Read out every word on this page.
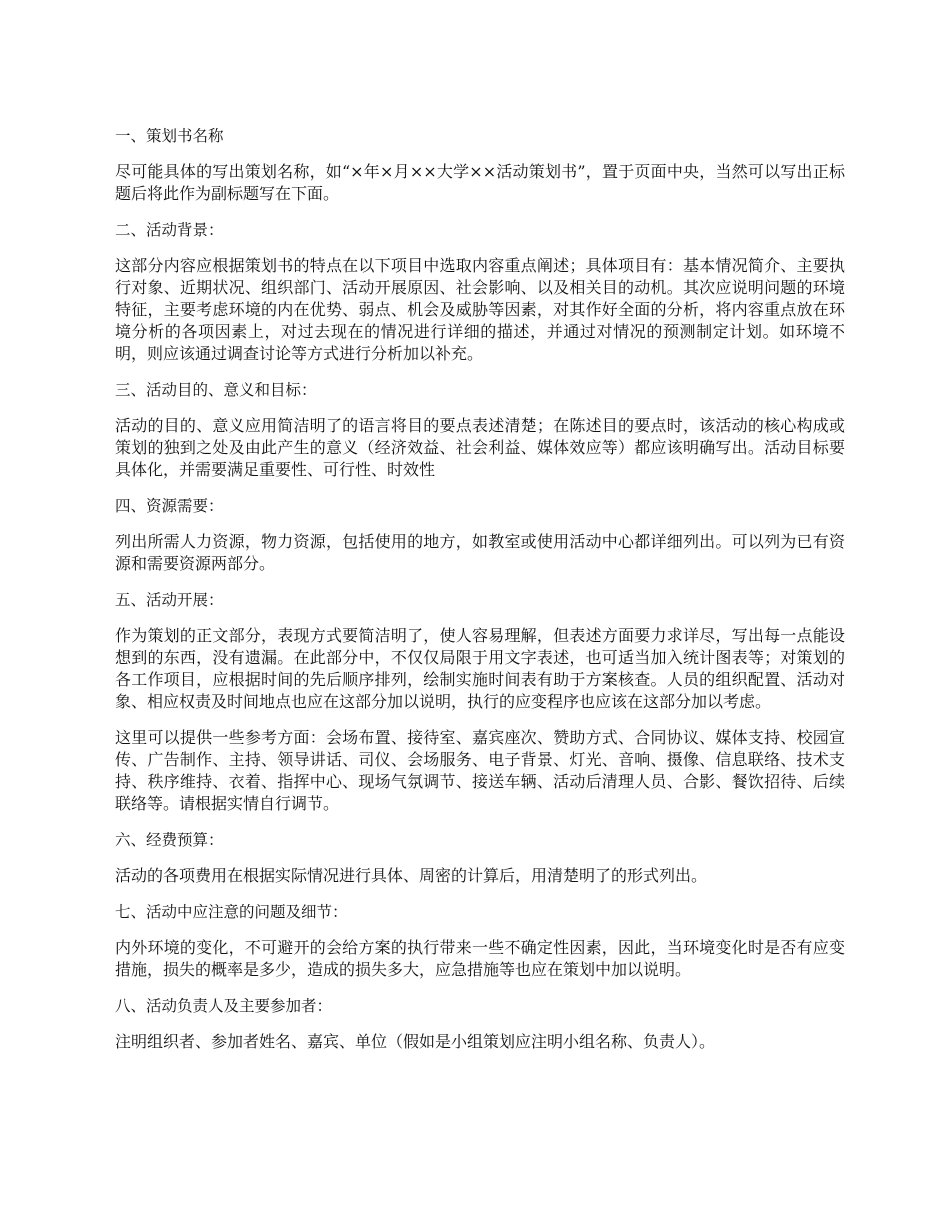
一、策划书名称
尽可能具体的写出策划名称，如“×年×月××大学××活动策划书”，置于页面中央，当然可以写出正标题后将此作为副标题写在下面。
二、活动背景：
这部分内容应根据策划书的特点在以下项目中选取内容重点阐述；具体项目有：基本情况简介、主要执行对象、近期状况、组织部门、活动开展原因、社会影响、以及相关目的动机。其次应说明问题的环境特征，主要考虑环境的内在优势、弱点、机会及威胁等因素，对其作好全面的分析，将内容重点放在环境分析的各项因素上，对过去现在的情况进行详细的描述，并通过对情况的预测制定计划。如环境不明，则应该通过调查讨论等方式进行分析加以补充。
三、活动目的、意义和目标：
活动的目的、意义应用简洁明了的语言将目的要点表述清楚；在陈述目的要点时，该活动的核心构成或策划的独到之处及由此产生的意义（经济效益、社会利益、媒体效应等）都应该明确写出。活动目标要具体化，并需要满足重要性、可行性、时效性
四、资源需要：
列出所需人力资源，物力资源，包括使用的地方，如教室或使用活动中心都详细列出。可以列为已有资源和需要资源两部分。
五、活动开展：
作为策划的正文部分，表现方式要简洁明了，使人容易理解，但表述方面要力求详尽，写出每一点能设想到的东西，没有遗漏。在此部分中，不仅仅局限于用文字表述，也可适当加入统计图表等；对策划的各工作项目，应根据时间的先后顺序排列，绘制实施时间表有助于方案核查。人员的组织配置、活动对象、相应权责及时间地点也应在这部分加以说明，执行的应变程序也应该在这部分加以考虑。
这里可以提供一些参考方面：会场布置、接待室、嘉宾座次、赞助方式、合同协议、媒体支持、校园宣传、广告制作、主持、领导讲话、司仪、会场服务、电子背景、灯光、音响、摄像、信息联络、技术支持、秩序维持、衣着、指挥中心、现场气氛调节、接送车辆、活动后清理人员、合影、餐饮招待、后续联络等。请根据实情自行调节。
六、经费预算：
活动的各项费用在根据实际情况进行具体、周密的计算后，用清楚明了的形式列出。
七、活动中应注意的问题及细节：
内外环境的变化，不可避开的会给方案的执行带来一些不确定性因素，因此，当环境变化时是否有应变措施，损失的概率是多少，造成的损失多大，应急措施等也应在策划中加以说明。
八、活动负责人及主要参加者：
注明组织者、参加者姓名、嘉宾、单位（假如是小组策划应注明小组名称、负责人）。
